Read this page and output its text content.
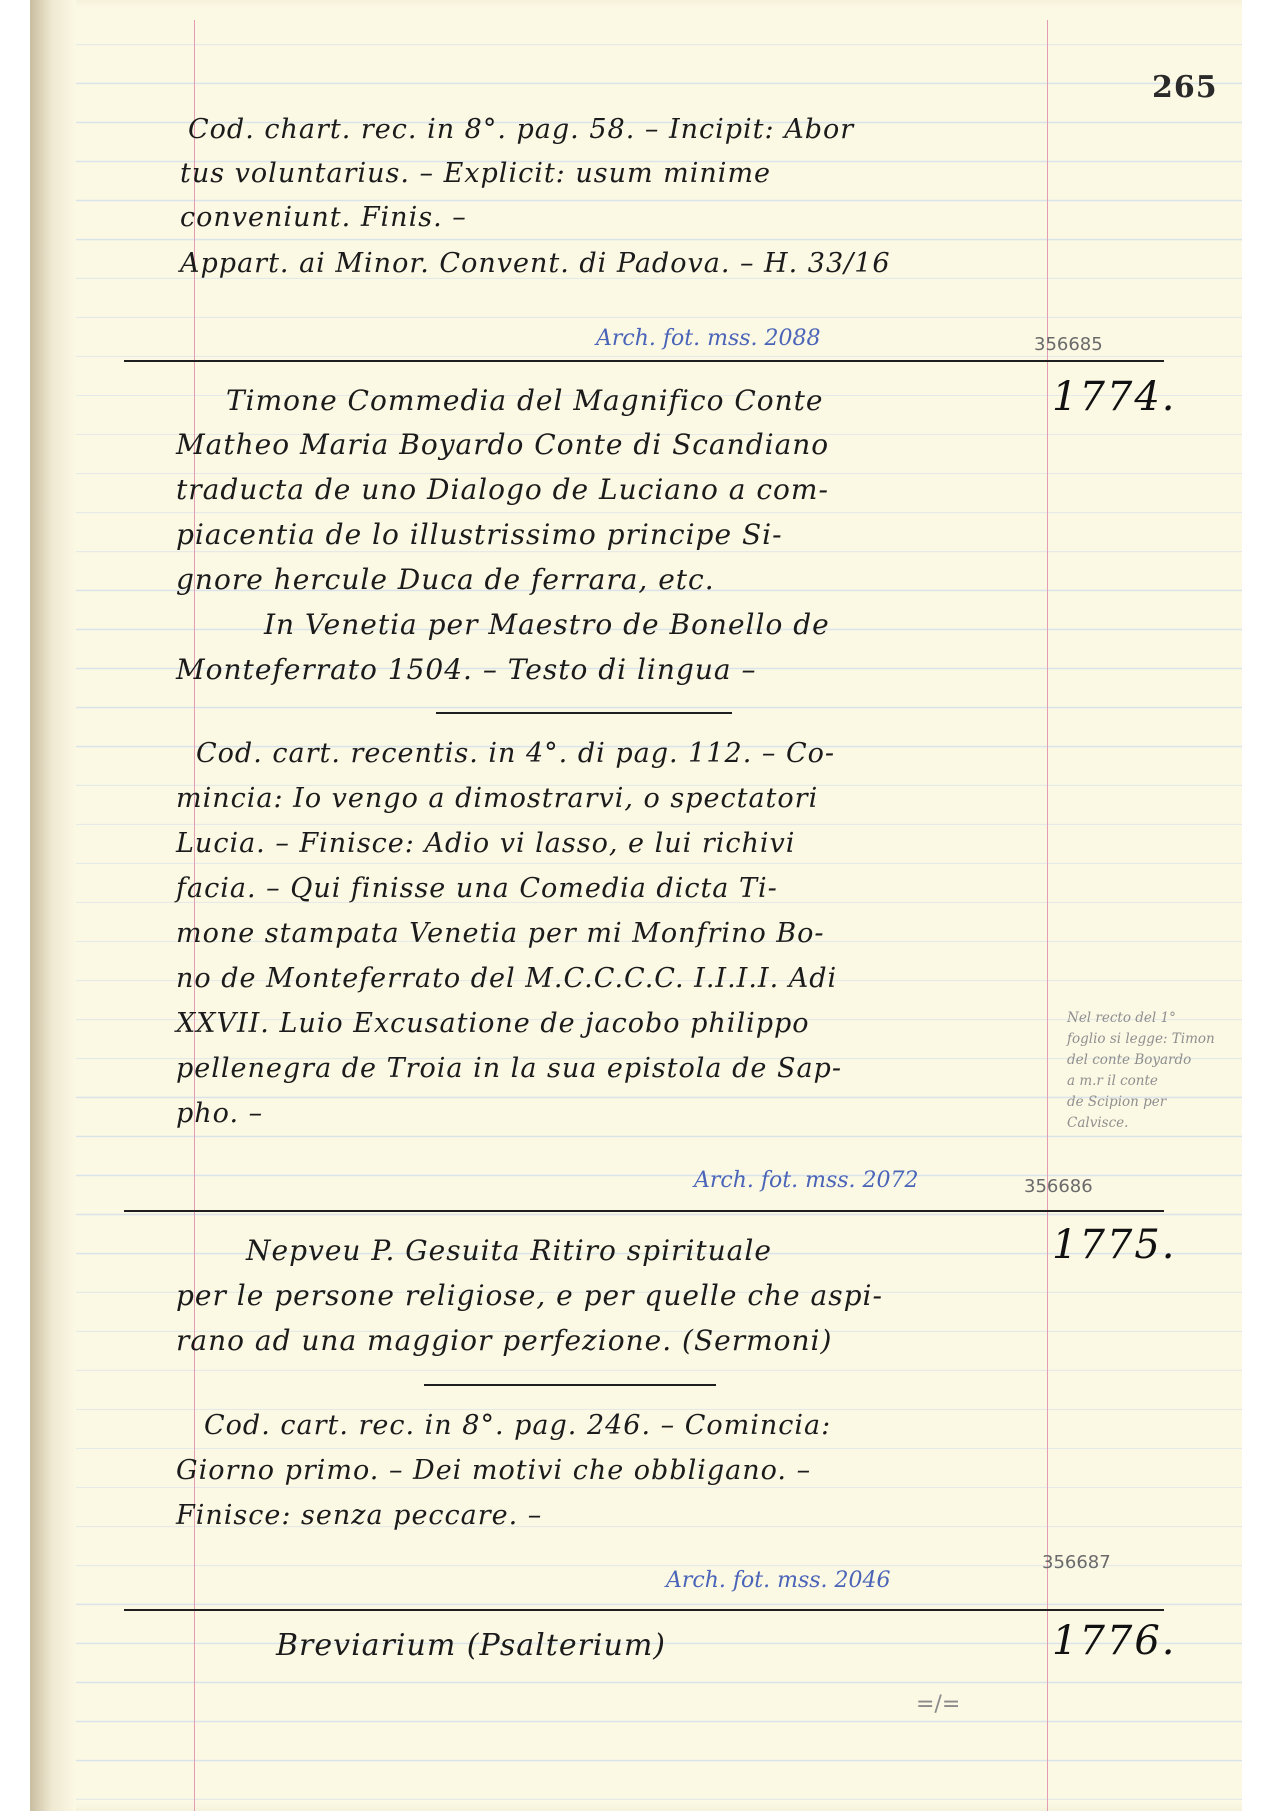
265
Cod. chart. rec. in 8°. pag. 58. – Incipit: Abor
tus voluntarius. – Explicit: usum minime
conveniunt. Finis. –
Appart. ai Minor. Convent. di Padova. – H. 33/16
Arch. fot. mss. 2088	356685
1774.
Timone Commedia del Magnifico Conte
Matheo Maria Boyardo Conte di Scandiano
traducta de uno Dialogo de Luciano a com-
piacentia de lo illustrissimo principe Si-
gnore hercule Duca de ferrara, etc.
In Venetia per Maestro de Bonello de
Monteferrato 1504. – Testo di lingua –
Cod. cart. recentis. in 4°. di pag. 112. – Co-
mincia: Io vengo a dimostrarvi, o spectatori
Lucia. – Finisce: Adio vi lasso, e lui richivi
facia. – Qui finisse una Comedia dicta Ti-
mone stampata Venetia per mi Monfrino Bo-
no de Monteferrato del M.C.C.C.C. I.I.I.I. Adi
XXVII. Luio Excusatione de jacobo philippo
pellenegra de Troia in la sua epistola de Sap-
pho. –
Nel recto del 1°
foglio si legge: Timon
del conte Boyardo
a m.r il conte
de Scipion per
Calvisce.
Arch. fot. mss. 2072	356686
1775.
Nepveu P. Gesuita Ritiro spirituale
per le persone religiose, e per quelle che aspi-
rano ad una maggior perfezione. (Sermoni)
Cod. cart. rec. in 8°. pag. 246. – Comincia:
Giorno primo. – Dei motivi che obbligano. –
Finisce: senza peccare. –
Arch. fot. mss. 2046
356687
1776.
Breviarium (Psalterium)
=/=
